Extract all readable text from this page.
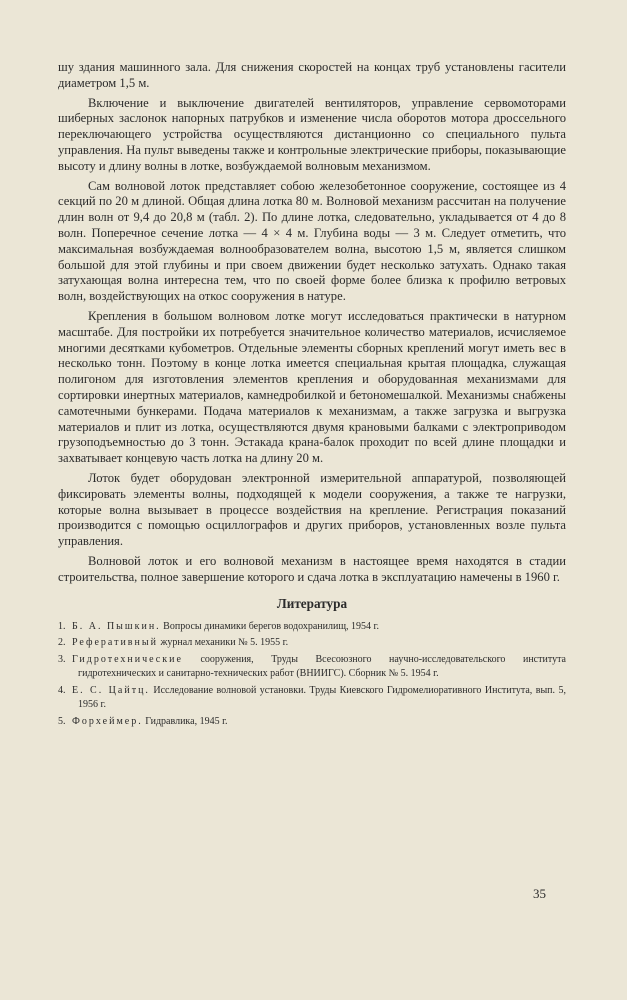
шу здания машинного зала. Для снижения скоростей на концах труб установлены гасители диаметром 1,5 м.

Включение и выключение двигателей вентиляторов, управление сервомоторами шиберных заслонок напорных патрубков и изменение числа оборотов мотора дроссельного переключающего устройства осуществляются дистанционно со специального пульта управления. На пульт выведены также и контрольные электрические приборы, показывающие высоту и длину волны в лотке, возбуждаемой волновым механизмом.

Сам волновой лоток представляет собою железобетонное сооружение, состоящее из 4 секций по 20 м длиной. Общая длина лотка 80 м. Волновой механизм рассчитан на получение длин волн от 9,4 до 20,8 м (табл. 2). По длине лотка, следовательно, укладывается от 4 до 8 волн. Поперечное сечение лотка — 4 × 4 м. Глубина воды — 3 м. Следует отметить, что максимальная возбуждаемая волнообразователем волна, высотою 1,5 м, является слишком большой для этой глубины и при своем движении будет несколько затухать. Однако такая затухающая волна интересна тем, что по своей форме более близка к профилю ветровых волн, воздействующих на откос сооружения в натуре.

Крепления в большом волновом лотке могут исследоваться практически в натурном масштабе. Для постройки их потребуется значительное количество материалов, исчисляемое многими десятками кубометров. Отдельные элементы сборных креплений могут иметь вес в несколько тонн. Поэтому в конце лотка имеется специальная крытая площадка, служащая полигоном для изготовления элементов крепления и оборудованная механизмами для сортировки инертных материалов, камнедробилкой и бетономешалкой. Механизмы снабжены самотечными бункерами. Подача материалов к механизмам, а также загрузка и выгрузка материалов и плит из лотка, осуществляются двумя крановыми балками с электроприводом грузоподъемностью до 3 тонн. Эстакада крана-балок проходит по всей длине площадки и захватывает концевую часть лотка на длину 20 м.

Лоток будет оборудован электронной измерительной аппаратурой, позволяющей фиксировать элементы волны, подходящей к модели сооружения, а также те нагрузки, которые волна вызывает в процессе воздействия на крепление. Регистрация показаний производится с помощью осциллографов и других приборов, установленных возле пульта управления.

Волновой лоток и его волновой механизм в настоящее время находятся в стадии строительства, полное завершение которого и сдача лотка в эксплуатацию намечены в 1960 г.

Литература
1. Б. А. Пышкин. Вопросы динамики берегов водохранилищ, 1954 г.
2. Реферативный журнал механики № 5. 1955 г.
3. Гидротехнические сооружения, Труды Всесоюзного научно-исследовательского института гидротехнических и санитарно-технических работ (ВНИИГС). Сборник № 5. 1954 г.
4. Е. С. Цайтц. Исследование волновой установки. Труды Киевского Гидромелиоративного Института, вып. 5, 1956 г.
5. Форхеймер. Гидравлика, 1945 г.
35
